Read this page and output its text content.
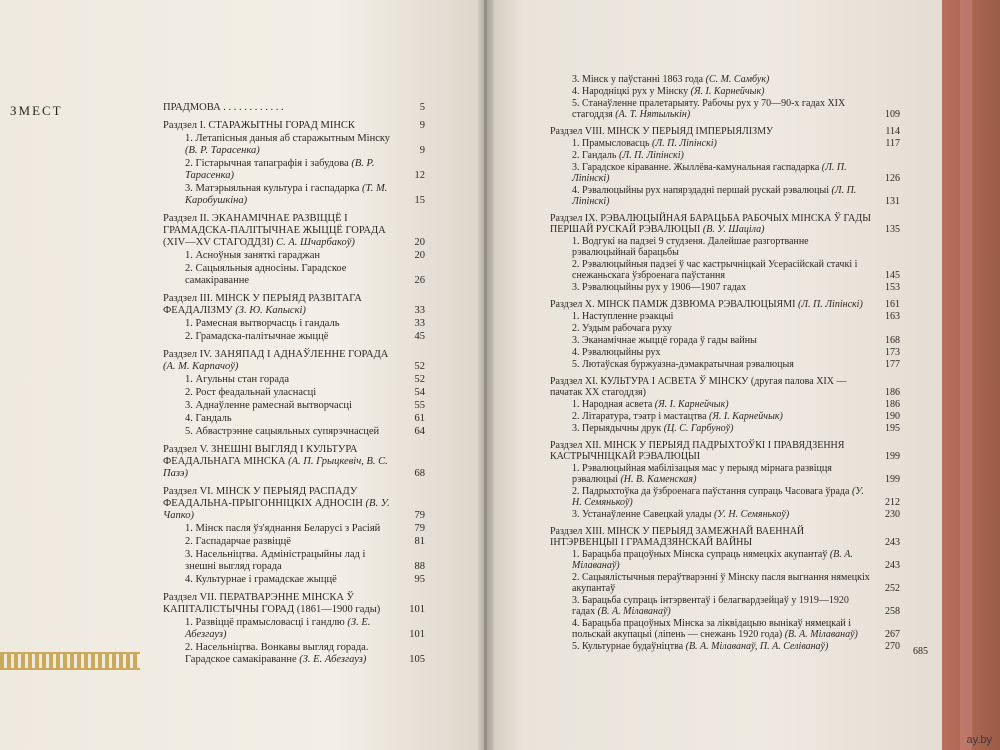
ЗМЕСТ	ПРАДМОВА . . . . . . . . . . . .	5
Раздзел I. СТАРАЖЫТНЫ ГОРАД МІНСК	9
1. Летапісныя даныя аб старажытным Мінску (В. Р. Тарасенка)	9
2. Гістарычная тапаграфія і забудова (В. Р. Тарасенка)	12
3. Матэрыяльная культура і гаспадарка (Т. М. Каробушкіна)	15
Раздзел II. ЭКАНАМІЧНАЕ РАЗВІЦЦЁ І ГРАМАДСКА-ПАЛІТЫЧНАЕ ЖЫЦЦЁ ГОРАДА (XIV—XV СТАГОДДЗІ) С. А. Шчарбакоў)	20
1. Асноўныя заняткі гараджан	20
2. Сацыяльныя адносіны. Гарадское самакіраванне	26
Раздзел III. МІНСК У ПЕРЫЯД РАЗВІТАГА ФЕАДАЛІЗМУ (З. Ю. Капыскі)	33
1. Рамесная вытворчасць і гандаль	33
2. Грамадска-палітычнае жыццё	45
Раздзел IV. ЗАНЯПАД І АДНАЎЛЕННЕ ГОРАДА (А. М. Карпачоў)	52
1. Агульны стан горада	52
2. Рост феадальнай уласнасці	54
3. Аднаўленне рамеснай вытворчасці	55
4. Гандаль	61
5. Абвастрэнне сацыяльных супярэчнасцей	64
Раздзел V. ЗНЕШНІ ВЫГЛЯД І КУЛЬТУРА ФЕАДАЛЬНАГА МІНСКА (А. П. Грыцкевіч, В. С. Пазэ)	68
Раздзел VI. МІНСК У ПЕРЫЯД РАСПАДУ ФЕАДАЛЬНА-ПРЫГОННІЦКІХ АДНОСІН (В. У. Чапко)	79
1. Мінск пасля ўз'яднання Беларусі з Расіяй	79
2. Гаспадарчае развіццё	81
3. Насельніцтва. Адміністрацыйны лад і знешні выгляд горада	88
4. Культурнае і грамадскае жыццё	95
Раздзел VII. ПЕРАТВАРЭННЕ МІНСКА Ў КАПІТАЛІСТЫЧНЫ ГОРАД (1861—1900 гады)	101
1. Развіццё прамысловасці і гандлю (З. Е. Абезгауз)	101
2. Насельніцтва. Вонкавы выгляд горада. Гарадское самакіраванне (З. Е. Абезгауз)	105
3. Мінск у паўстанні 1863 года (С. М. Самбук)
4. Народніцкі рух у Мінску (Я. І. Карнейчык)
5. Станаўленне пралетарыяту. Рабочы рух у 70—90-х гадах XIX стагоддзя (А. Т. Нятылькін)	109
Раздзел VIII. МІНСК У ПЕРЫЯД ІМПЕРЫЯЛІЗМУ	114
1. Прамысловасць (Л. П. Ліпінскі)	117
2. Гандаль (Л. П. Ліпінскі)
3. Гарадское кіраванне. Жыллёва-камунальная гаспадарка (Л. П. Ліпінскі)	126
4. Рэвалюцыйны рух напярэдадні першай рускай рэвалюцыі (Л. П. Ліпінскі)	131
Раздзел IX. РЭВАЛЮЦЫЙНАЯ БАРАЦЬБА РАБОЧЫХ МІНСКА Ў ГАДЫ ПЕРШАЙ РУСКАЙ РЭВАЛЮЦЫІ (В. У. Шаціла)	135
1. Водгукі на падзеі 9 студзеня. Далейшае разгортванне рэвалюцыйнай барацьбы
2. Рэвалюцыйныя падзеі ў час кастрычніцкай Усерасійскай стачкі і снежаньскага ўзброенага паўстання	145
3. Рэвалюцыйны рух у 1906—1907 гадах	153
Раздзел X. МІНСК ПАМІЖ ДЗВЮМА РЭВАЛЮЦЫЯМІ (Л. П. Ліпінскі) 161
1. Наступленне рэакцыі	163
2. Уздым рабочага руху
3. Эканамічнае жыццё горада ў гады вайны	168
4. Рэвалюцыйны рух	173
5. Лютаўская буржуазна-дэмакратычная рэвалюцыя	177
Раздзел XI. КУЛЬТУРА І АСВЕТА Ў МІНСКУ (другая палова XIX — пачатак XX стагоддзя)	186
1. Народная асвета (Я. І. Карнейчык)	186
2. Літаратура, тэатр і мастацтва (Я. І. Карнейчык)	190
3. Перыядычны друк (Ц. С. Гарбуноў)	195
Раздзел XII. МІНСК У ПЕРЫЯД ПАДРЫХТОЎКІ І ПРАВЯДЗЕННЯ КАСТРЫЧНІЦКАЙ РЭВАЛЮЦЫІ	199
1. Рэвалюцыйная мабілізацыя мас у перыяд мірнага развіцця рэвалюцыі (Н. В. Каменская)	199
2. Падрыхтоўка да ўзброенага паўстання супраць Часовага ўрада (У. Н. Семянькоў)	212
3. Устанаўленне Савецкай улады (У. Н. Семянькоў)	230
Раздзел XIII. МІНСК У ПЕРЫЯД ЗАМЕЖНАЙ ВАЕННАЙ ІНТЭРВЕНЦЫІ І ГРАМАДЗЯНСКАЙ ВАЙНЫ	243
1. Барацьба працоўных Мінска супраць нямецкіх акупантаў (В. А. Мілаванаў)	243
2. Сацыялістычныя пераўтварэнні ў Мінску пасля выгнання нямецкіх акупантаў	252
3. Барацьба супраць інтэрвентаў і белагвардзейцаў у 1919—1920 гадах (В. А. Мілаванаў)	258
4. Барацьба працоўных Мінска за ліквідацыю вынікаў нямецкай і польскай акупацыі (ліпень — снежань 1920 года) (В. А. Мілаванаў)	267
5. Культурнае будаўніцтва (В. А. Мілаванаў, П. А. Селіванаў)	270 685
ay.by
